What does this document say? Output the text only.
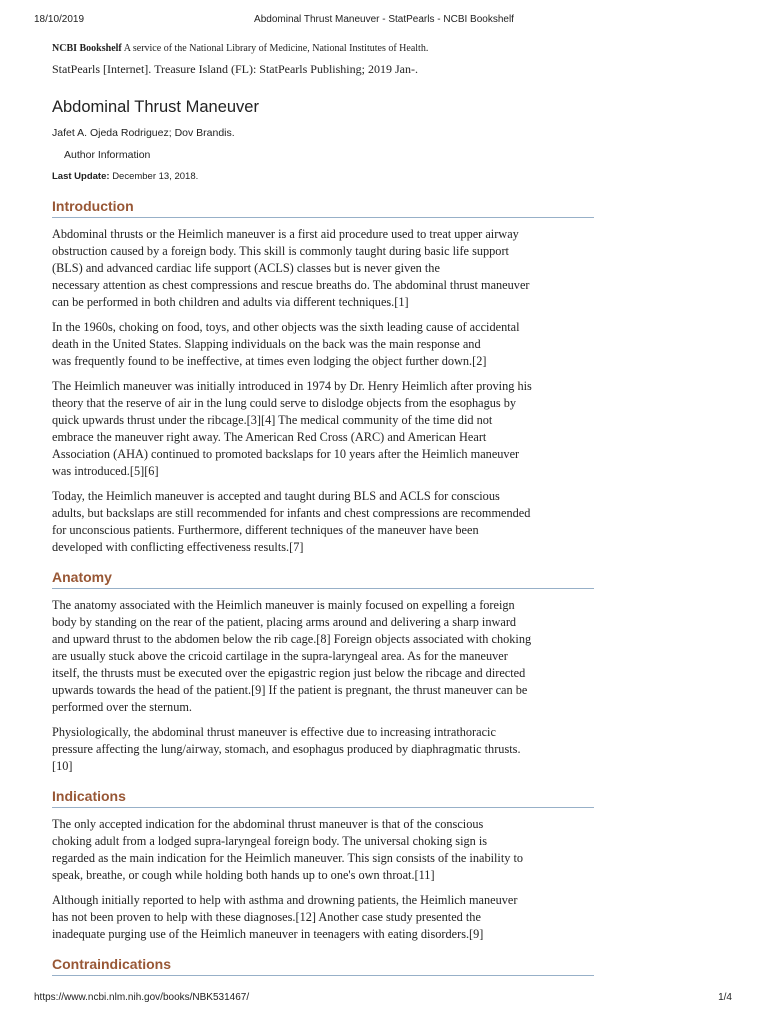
18/10/2019	Abdominal Thrust Maneuver - StatPearls - NCBI Bookshelf
NCBI Bookshelf A service of the National Library of Medicine, National Institutes of Health.
StatPearls [Internet]. Treasure Island (FL): StatPearls Publishing; 2019 Jan-.
Abdominal Thrust Maneuver
Jafet A. Ojeda Rodriguez; Dov Brandis.
Author Information
Last Update: December 13, 2018.
Introduction

Abdominal thrusts or the Heimlich maneuver is a first aid procedure used to treat upper airway
obstruction caused by a foreign body. This skill is commonly taught during basic life support
(BLS) and advanced cardiac life support (ACLS) classes but is never given the
necessary attention as chest compressions and rescue breaths do. The abdominal thrust maneuver
can be performed in both children and adults via different techniques.[1]

In the 1960s, choking on food, toys, and other objects was the sixth leading cause of accidental
death in the United States. Slapping individuals on the back was the main response and
was frequently found to be ineffective, at times even lodging the object further down.[2]

The Heimlich maneuver was initially introduced in 1974 by Dr. Henry Heimlich after proving his
theory that the reserve of air in the lung could serve to dislodge objects from the esophagus by
quick upwards thrust under the ribcage.[3][4] The medical community of the time did not
embrace the maneuver right away. The American Red Cross (ARC) and American Heart
Association (AHA) continued to promoted backslaps for 10 years after the Heimlich maneuver
was introduced.[5][6]

Today, the Heimlich maneuver is accepted and taught during BLS and ACLS for conscious
adults, but backslaps are still recommended for infants and chest compressions are recommended
for unconscious patients. Furthermore, different techniques of the maneuver have been
developed with conflicting effectiveness results.[7]

Anatomy

The anatomy associated with the Heimlich maneuver is mainly focused on expelling a foreign
body by standing on the rear of the patient, placing arms around and delivering a sharp inward
and upward thrust to the abdomen below the rib cage.[8] Foreign objects associated with choking
are usually stuck above the cricoid cartilage in the supra-laryngeal area. As for the maneuver
itself, the thrusts must be executed over the epigastric region just below the ribcage and directed
upwards towards the head of the patient.[9] If the patient is pregnant, the thrust maneuver can be
performed over the sternum.

Physiologically, the abdominal thrust maneuver is effective due to increasing intrathoracic
pressure affecting the lung/airway, stomach, and esophagus produced by diaphragmatic thrusts.
[10]

Indications

The only accepted indication for the abdominal thrust maneuver is that of the conscious
choking adult from a lodged supra-laryngeal foreign body. The universal choking sign is
regarded as the main indication for the Heimlich maneuver. This sign consists of the inability to
speak, breathe, or cough while holding both hands up to one's own throat.[11]

Although initially reported to help with asthma and drowning patients, the Heimlich maneuver
has not been proven to help with these diagnoses.[12] Another case study presented the
inadequate purging use of the Heimlich maneuver in teenagers with eating disorders.[9]

Contraindications
https://www.ncbi.nlm.nih.gov/books/NBK531467/	1/4
